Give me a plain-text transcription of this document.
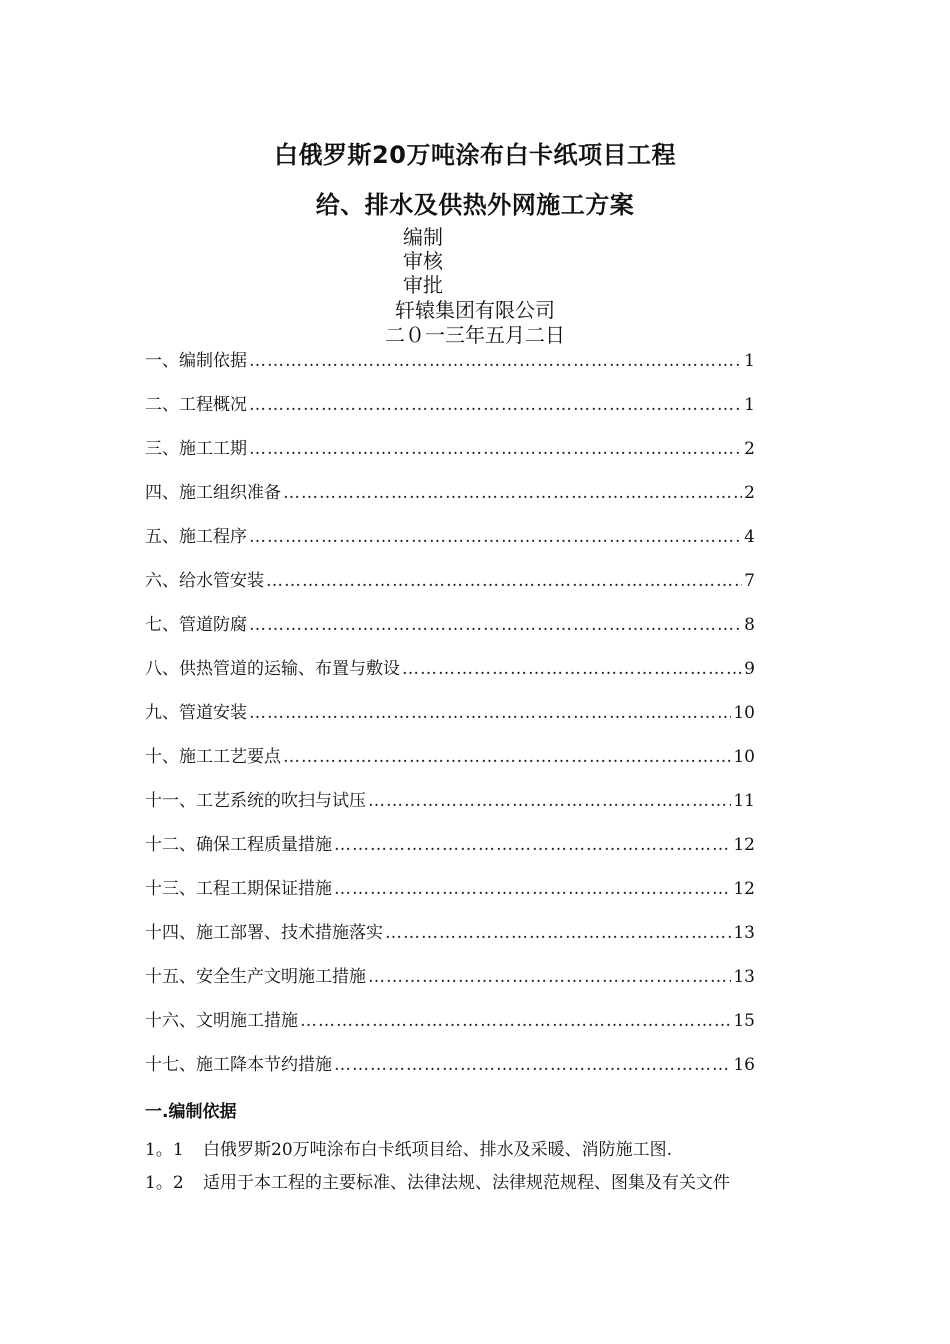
白俄罗斯20万吨涂布白卡纸项目工程
给、排水及供热外网施工方案
编制
审核
审批
轩辕集团有限公司
二０一三年五月二日
一、编制依据 ………………………………………………………………………………………………………………………………………………………………………………………	1
二、工程概况 ………………………………………………………………………………………………………………………………………………………………………………………	1
三、施工工期 ………………………………………………………………………………………………………………………………………………………………………………………	2
四、施工组织准备 ………………………………………………………………………………………………………………………………………………………………………………………	2
五、施工程序 ………………………………………………………………………………………………………………………………………………………………………………………	4
六、给水管安装 ………………………………………………………………………………………………………………………………………………………………………………………	7
七、管道防腐 ………………………………………………………………………………………………………………………………………………………………………………………	8
八、供热管道的运输、布置与敷设 ………………………………………………………………………………………………………………………………………………………………………………………	9
九、管道安装 ………………………………………………………………………………………………………………………………………………………………………………………	10
十、施工工艺要点 ………………………………………………………………………………………………………………………………………………………………………………………	10
十一、工艺系统的吹扫与试压 ………………………………………………………………………………………………………………………………………………………………………………………	11
十二、确保工程质量措施 ………………………………………………………………………………………………………………………………………………………………………………………	12
十三、工程工期保证措施 ………………………………………………………………………………………………………………………………………………………………………………………	12
十四、施工部署、技术措施落实 ………………………………………………………………………………………………………………………………………………………………………………………	13
十五、安全生产文明施工措施 ………………………………………………………………………………………………………………………………………………………………………………………	13
十六、文明施工措施 ………………………………………………………………………………………………………………………………………………………………………………………	15
十七、施工降本节约措施 ………………………………………………………………………………………………………………………………………………………………………………………	16
一.编制依据
1。1 白俄罗斯20万吨涂布白卡纸项目给、排水及采暖、消防施工图.
1。2 适用于本工程的主要标准、法律法规、法律规范规程、图集及有关文件
